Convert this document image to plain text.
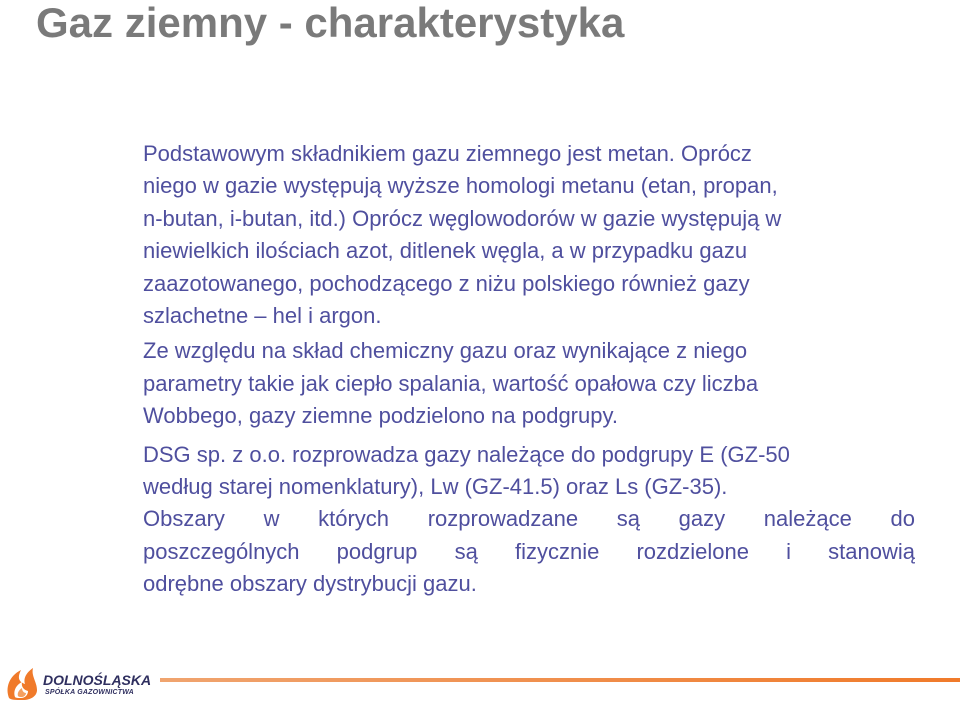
Gaz ziemny - charakterystyka

Podstawowym składnikiem gazu ziemnego jest metan. Oprócz
niego w gazie występują wyższe homologi metanu (etan, propan,
n-butan, i-butan, itd.) Oprócz węglowodorów w gazie występują w
niewielkich ilościach azot, ditlenek węgla, a w przypadku gazu
zaazotowanego, pochodzącego z niżu polskiego również gazy
szlachetne – hel i argon.

Ze względu na skład chemiczny gazu oraz wynikające z niego
parametry takie jak ciepło spalania, wartość opałowa czy liczba
Wobbego, gazy ziemne podzielono na podgrupy.

DSG sp. z o.o. rozprowadza gazy należące do podgrupy E (GZ-50
według starej nomenklatury), Lw (GZ-41.5) oraz Ls (GZ-35).
Obszary w których rozprowadzane są gazy należące do
poszczególnych podgrup są fizycznie rozdzielone i stanowią
odrębne obszary dystrybucji gazu.

DOLNOŚLĄSKA
SPÓŁKA GAZOWNICTWA
